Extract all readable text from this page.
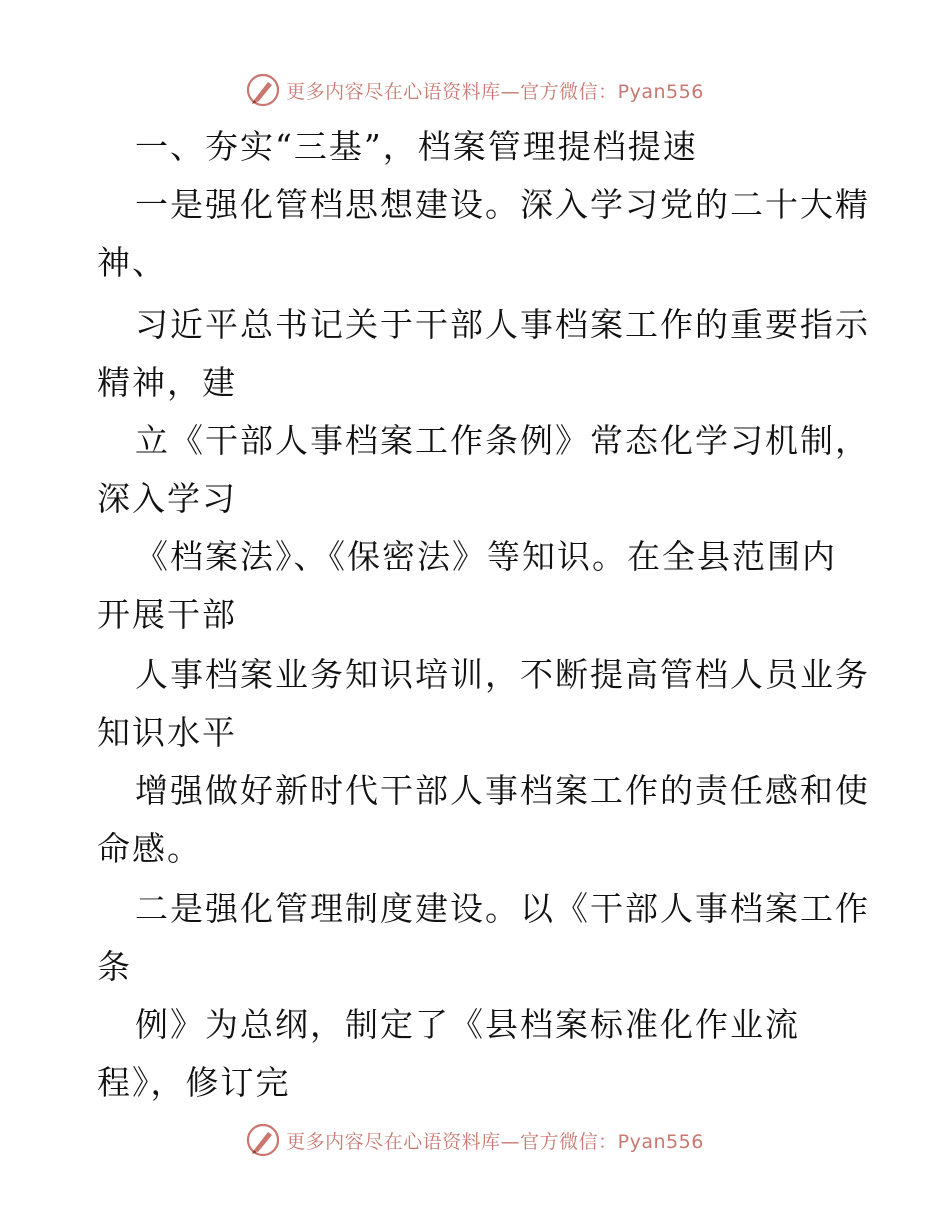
更多内容尽在心语资料库—官方微信：Pyan556
一、夯实“三基”，档案管理提档提速
一是强化管档思想建设。深入学习党的二十大精
神、
习近平总书记关于干部人事档案工作的重要指示
精神，建
立《干部人事档案工作条例》常态化学习机制，
深入学习
《档案法》、《保密法》等知识。在全县范围内
开展干部
人事档案业务知识培训，不断提高管档人员业务
知识水平
增强做好新时代干部人事档案工作的责任感和使
命感。
二是强化管理制度建设。以《干部人事档案工作
条
例》为总纲，制定了《县档案标准化作业流
程》，修订完
更多内容尽在心语资料库—官方微信：Pyan556
